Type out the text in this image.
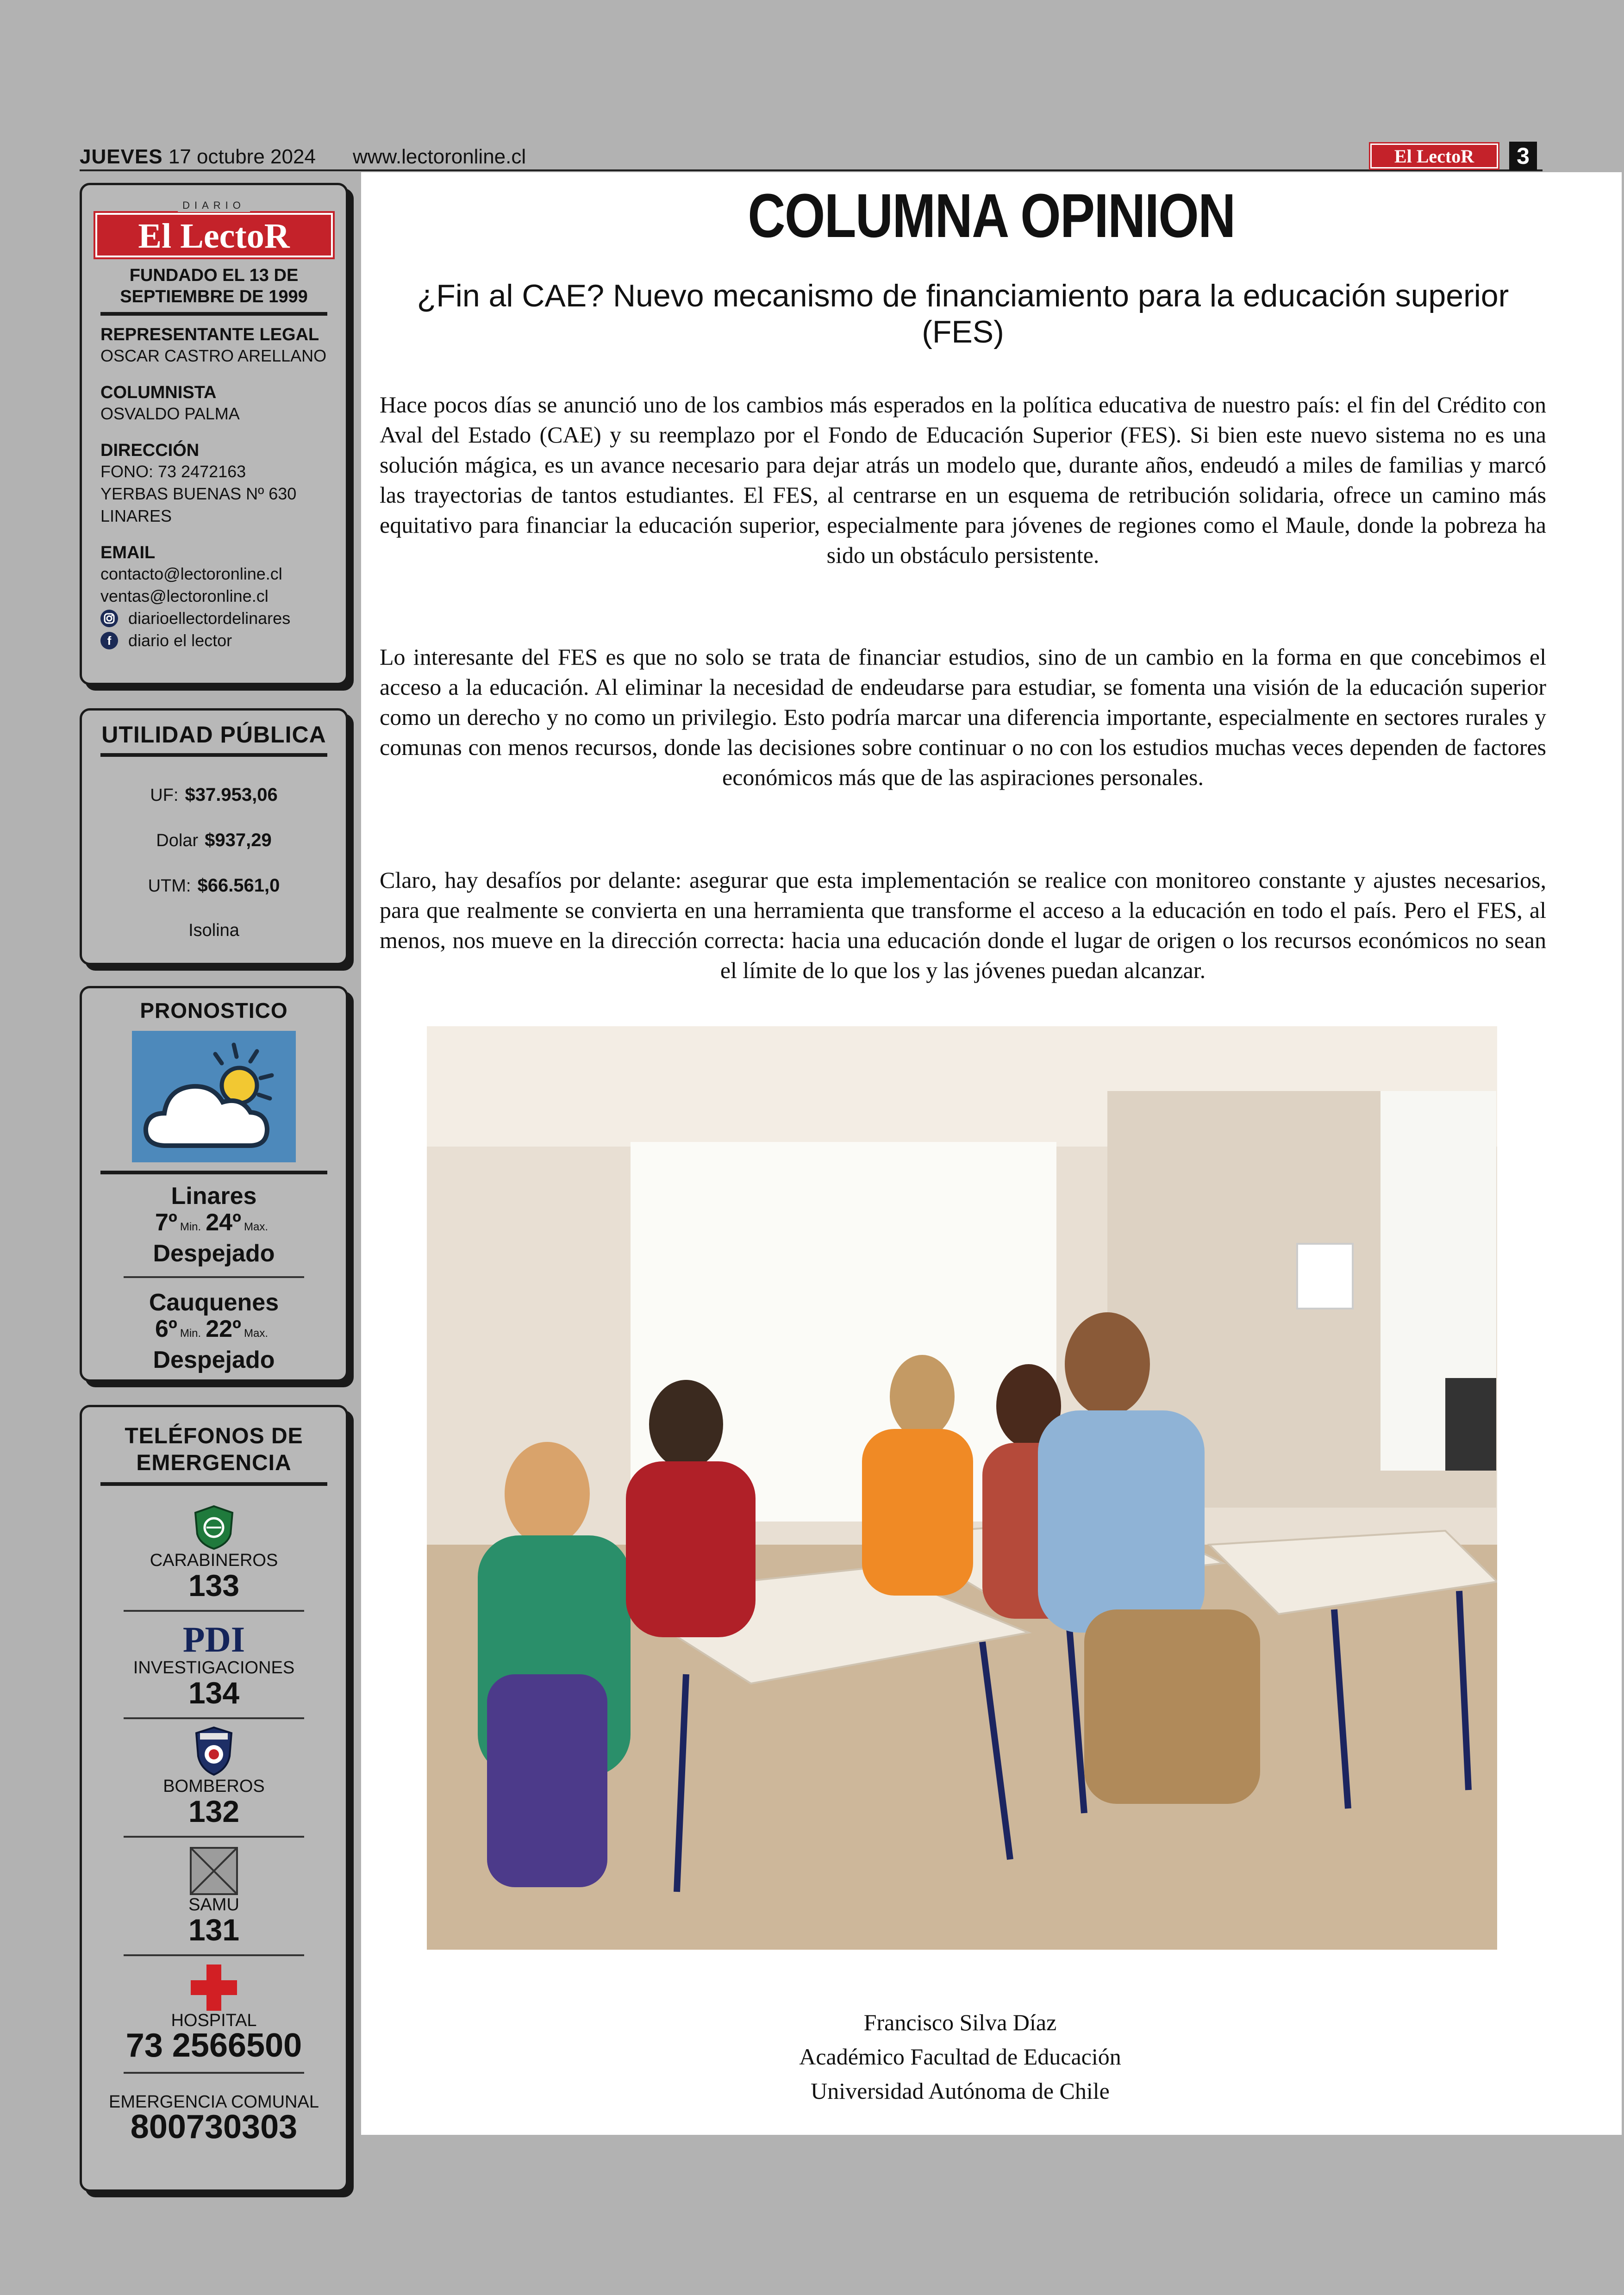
JUEVES 17 octubre 2024 www.lectoronline.cl	El LectoR	3
DIARIO
El LectoR
FUNDADO EL 13 DE SEPTIEMBRE DE 1999
REPRESENTANTE LEGAL
OSCAR CASTRO ARELLANO
COLUMNISTA
OSVALDO PALMA
DIRECCIÓN
FONO: 73 2472163
YERBAS BUENAS Nº 630
LINARES
EMAIL
contacto@lectoronline.cl
ventas@lectoronline.cl
diarioellectordelinares
f	diario el lector
UTILIDAD PÚBLICA
UF: $37.953,06
Dolar $937,29
UTM: $66.561,0
Isolina
PRONOSTICO
Linares
7º Min. 24º Max.
Despejado
Cauquenes
6º Min. 22º Max.
Despejado
TELÉFONOS DE EMERGENCIA
CARABINEROS
133
PDI
INVESTIGACIONES
134
BOMBEROS
132
SAMU
131
HOSPITAL
73 2566500
EMERGENCIA COMUNAL
800730303
COLUMNA OPINION
¿Fin al CAE? Nuevo mecanismo de financiamiento para la educación superior (FES)
Hace pocos días se anunció uno de los cambios más esperados en la política educativa de nuestro país: el fin del Crédito con Aval del Estado (CAE) y su reemplazo por el Fondo de Educación Superior (FES). Si bien este nuevo sistema no es una solución mágica, es un avance necesario para dejar atrás un modelo que, durante años, endeudó a miles de familias y marcó las trayectorias de tantos estudiantes. El FES, al centrarse en un esquema de retribución solidaria, ofrece un camino más equitativo para financiar la educación superior, especialmente para jóvenes de regiones como el Maule, donde la pobreza ha sido un obstáculo persistente.
Lo interesante del FES es que no solo se trata de financiar estudios, sino de un cambio en la forma en que concebimos el acceso a la educación. Al eliminar la necesidad de endeudarse para estudiar, se fomenta una visión de la educación superior como un derecho y no como un privilegio. Esto podría marcar una diferencia importante, especialmente en sectores rurales y comunas con menos recursos, donde las decisiones sobre continuar o no con los estudios muchas veces dependen de factores económicos más que de las aspiraciones personales.
Claro, hay desafíos por delante: asegurar que esta implementación se realice con monitoreo constante y ajustes necesarios, para que realmente se convierta en una herramienta que transforme el acceso a la educación en todo el país. Pero el FES, al menos, nos mueve en la dirección correcta: hacia una educación donde el lugar de origen o los recursos económicos no sean el límite de lo que los y las jóvenes puedan alcanzar.
Francisco Silva Díaz
Académico Facultad de Educación
Universidad Autónoma de Chile
